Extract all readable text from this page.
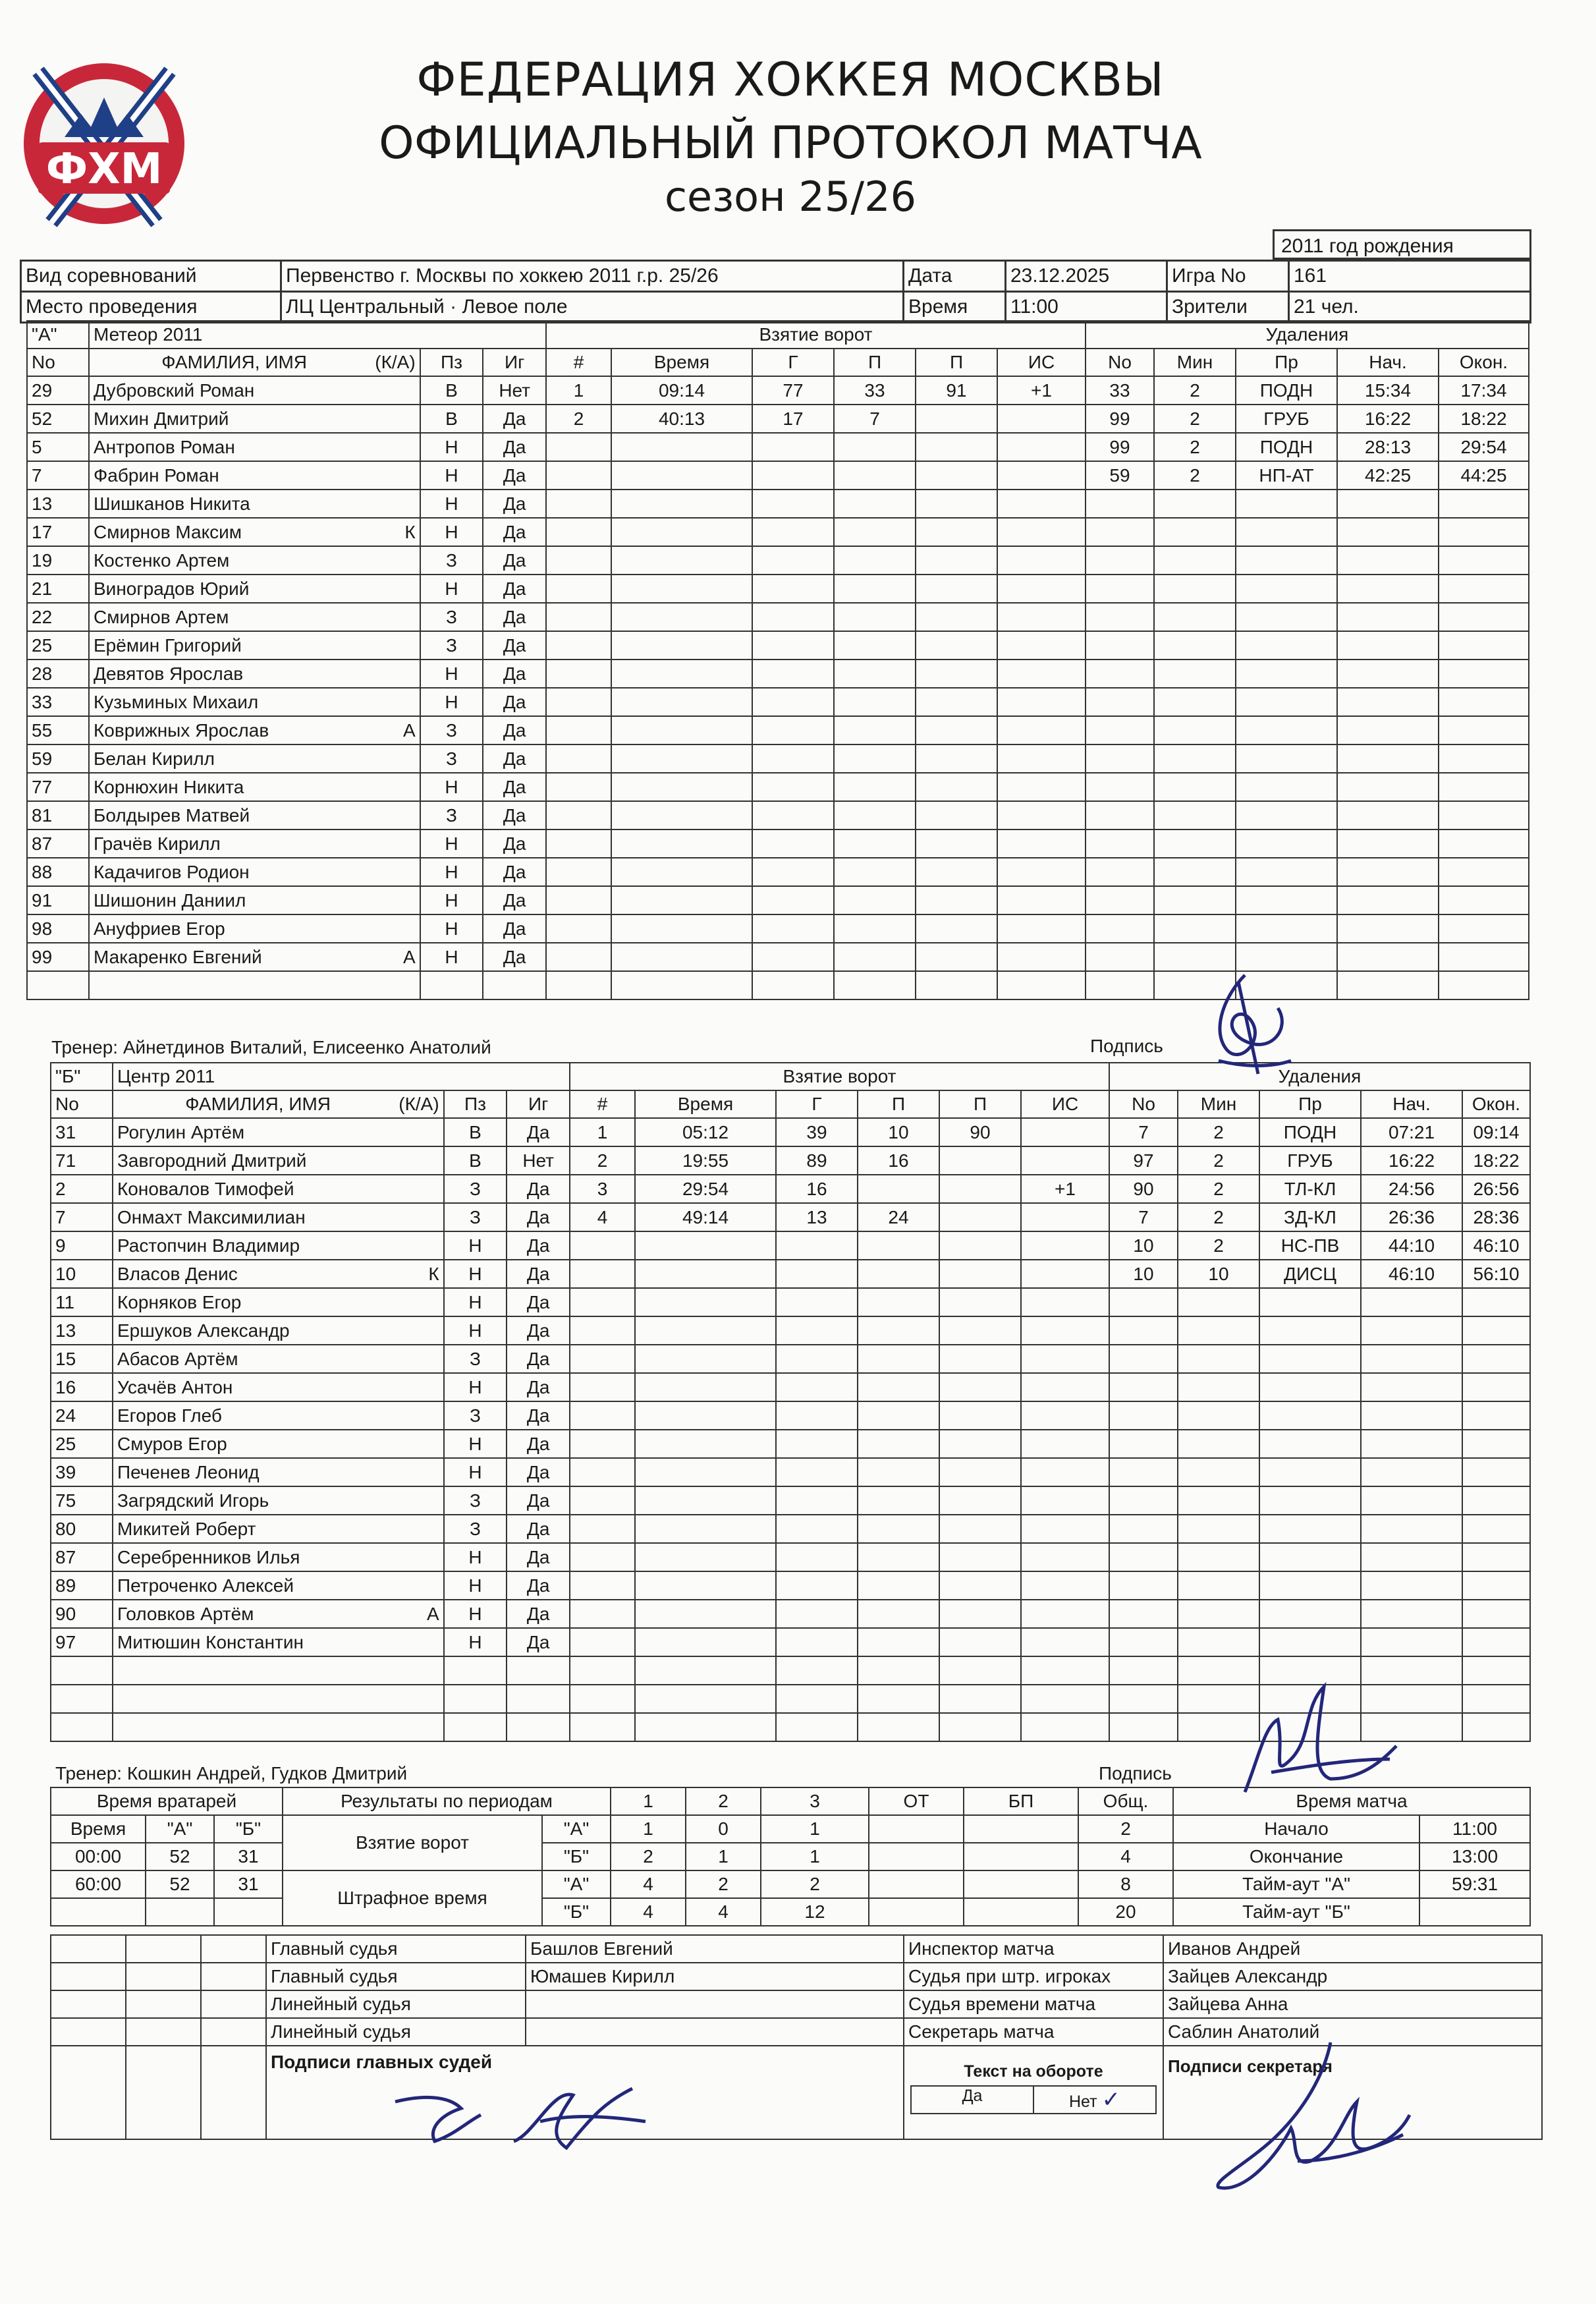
ФХМ
ФЕДЕРАЦИЯ ХОККЕЯ МОСКВЫ
ОФИЦИАЛЬНЫЙ ПРОТОКОЛ МАТЧА
сезон 25/26
2011 год рождения
Вид соревнований	Первенство г. Москвы по хоккею 2011 г.р. 25/26	Дата	23.12.2025	Игра No	161
Место проведения	ЛЦ Центральный · Левое поле	Время	11:00	Зрители	21 чел.
"А"	Метеор 2011			Взятие ворот						Удаления				
No	ФАМИЛИЯ, ИМЯ (К/А)	Пз	Иг	#	Время	Г	П	П	ИС	No	Мин	Пр	Нач.	Окон.
29	Дубровский Роман	В	Нет	1	09:14	77	33	91	+1	33	2	ПОДН	15:34	17:34
52	Михин Дмитрий	В	Да	2	40:13	17	7			99	2	ГРУБ	16:22	18:22
5	Антропов Роман	Н	Да							99	2	ПОДН	28:13	29:54
7	Фабрин Роман	Н	Да							59	2	НП-АТ	42:25	44:25
13	Шишканов Никита	Н	Да											
17	Смирнов Максим К	Н	Да											
19	Костенко Артем	З	Да											
21	Виноградов Юрий	Н	Да											
22	Смирнов Артем	З	Да											
25	Ерёмин Григорий	З	Да											
28	Девятов Ярослав	Н	Да											
33	Кузьминых Михаил	Н	Да											
55	Коврижных Ярослав А	З	Да											
59	Белан Кирилл	З	Да											
77	Корнюхин Никита	Н	Да											
81	Болдырев Матвей	З	Да											
87	Грачёв Кирилл	Н	Да											
88	Кадачигов Родион	Н	Да											
91	Шишонин Даниил	Н	Да											
98	Ануфриев Егор	Н	Да											
99	Макаренко Евгений А	Н	Да											

Тренер: Айнетдинов Виталий, Елисеенко Анатолий	Подпись
"Б"	Центр 2011			Взятие ворот						Удаления				
No	ФАМИЛИЯ, ИМЯ (К/А)	Пз	Иг	#	Время	Г	П	П	ИС	No	Мин	Пр	Нач.	Окон.
31	Рогулин Артём	В	Да	1	05:12	39	10	90		7	2	ПОДН	07:21	09:14
71	Завгородний Дмитрий	В	Нет	2	19:55	89	16			97	2	ГРУБ	16:22	18:22
2	Коновалов Тимофей	З	Да	3	29:54	16			+1	90	2	ТЛ-КЛ	24:56	26:56
7	Онмахт Максимилиан	З	Да	4	49:14	13	24			7	2	ЗД-КЛ	26:36	28:36
9	Растопчин Владимир	Н	Да							10	2	НС-ПВ	44:10	46:10
10	Власов Денис К	Н	Да							10	10	ДИСЦ	46:10	56:10
11	Корняков Егор	Н	Да											
13	Ершуков Александр	Н	Да											
15	Абасов Артём	З	Да											
16	Усачёв Антон	Н	Да											
24	Егоров Глеб	З	Да											
25	Смуров Егор	Н	Да											
39	Печенев Леонид	Н	Да											
75	Загрядский Игорь	З	Да											
80	Микитей Роберт	З	Да											
87	Серебренников Илья	Н	Да											
89	Петроченко Алексей	Н	Да											
90	Головков Артём А	Н	Да											
97	Митюшин Константин	Н	Да											

Тренер: Кошкин Андрей, Гудков Дмитрий	Подпись
Время вратарей			Результаты по периодам		1	2	3	ОТ	БП	Общ.	Время матча	
Время	"А"	"Б"	Взятие ворот	"А"	1	0	1			2	Начало	11:00
00:00	52	31		"Б"	2	1	1			4	Окончание	13:00
60:00	52	31	Штрафное время	"А"	4	2	2			8	Тайм-аут "А"	59:31
				"Б"	4	4	12			20	Тайм-аут "Б"	
			Главный судья	Башлов Евгений	Инспектор матча	Иванов Андрей
			Главный судья	Юмашев Кирилл	Судья при штр. игроках	Зайцев Александр
			Линейный судья		Судья времени матча	Зайцева Анна
			Линейный судья		Секретарь матча	Саблин Анатолий
			Подписи главных судей		Текст на обороте
Да Нет ✓	Подписи секретаря
